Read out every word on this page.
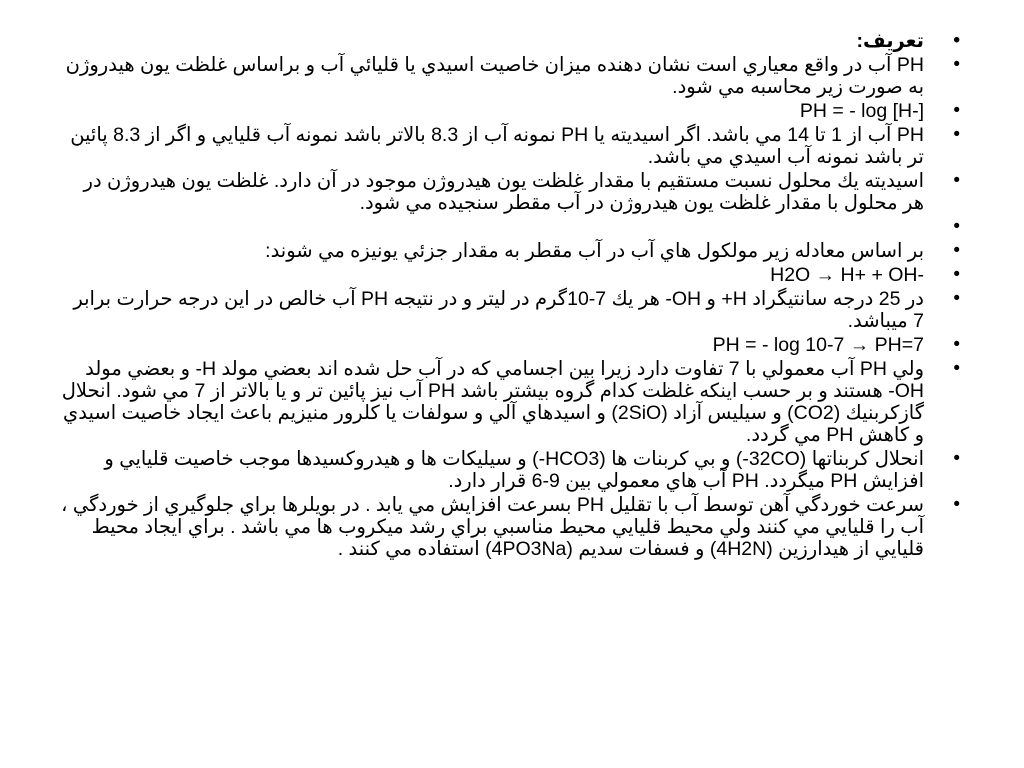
• تعريف:
• PH آب در واقع معياري است نشان دهنده ميزان خاصيت اسيدي يا قليائي آب و براساس غلظت يون هيدروژن به صورت زير محاسبه مي شود.
• PH = - log [H-]
• PH آب از 1 تا 14 مي باشد. اگر اسيديته يا PH نمونه آب از 8.3 بالاتر باشد نمونه آب قليايي و اگر از 8.3 پائين تر باشد نمونه آب اسيدي مي باشد.
• اسيديته يك محلول نسبت مستقيم با مقدار غلظت يون هيدروژن موجود در آن دارد. غلظت يون هيدروژن در هر محلول با مقدار غلظت يون هيدروژن در آب مقطر سنجيده مي شود.
•
• بر اساس معادله زير مولكول هاي آب در آب مقطر به مقدار جزئي يونيزه مي شوند:
• H2O → H+ + OH-
• در 25 درجه سانتيگراد H+ و OH- هر يك 7-10گرم در ليتر و در نتيجه PH آب خالص در اين درجه حرارت برابر 7 ميباشد.
• PH = - log 10-7 → PH=7
• ولي PH آب معمولي با 7 تفاوت دارد زيرا بين اجسامي كه در آب حل شده اند بعضي مولد H- و بعضي مولد OH- هستند و بر حسب اينكه غلظت كدام گروه بيشتر باشد PH آب نيز پائين تر و يا بالاتر از 7 مي شود. انحلال گازكربنيك (CO2) و سيليس آزاد (2SiO) و اسيدهاي آلي و سولفات يا كلرور منيزيم باعث ايجاد خاصيت اسيدي و كاهش PH مي گردد.
• انحلال كربناتها (32CO-) و بي كربنات ها (HCO3-) و سيليكات ها و هيدروكسيدها موجب خاصيت قليايي و افزايش PH ميگردد. PH آب هاي معمولي بين 9-6 قرار دارد.
• سرعت خوردگي آهن توسط آب با تقليل PH بسرعت افزايش مي يابد . در بويلرها براي جلوگيري از خوردگي ، آب را قليايي مي كنند ولي محيط قليايي محيط مناسبي براي رشد ميكروب ها مي باشد . براي ايجاد محيط قليايي از هيدارزين (4H2N) و فسفات سديم (4PO3Na) استفاده مي كنند .
